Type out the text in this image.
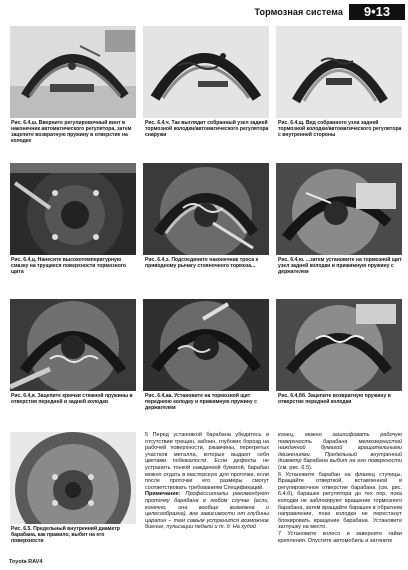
Тормозная система	9•13
Рис. 6.4,ш. Вверните регулировочный винт в наконечник автоматического регулятора, затем зацепите возвратную пружину в отверстие на колодке
Рис. 6.4,ч. Так выглядит собранный узел задней тормозной колодки/автоматического регулятора снаружи
Рис. 6.4,щ. Вид собранного узла задней тормозной колодки/автоматического регулятора с внутренней стороны
Рис. 6.4,ц. Нанесите высокотемпературную смазку на трущиеся поверхности тормозного щита
Рис. 6.4,э. Подсоедините наконечник троса к приводному рычагу стояночного тормоза...
Рис. 6.4,ю. ...затем установите на тормозной щит узел задней колодки и прижимную пружину с держателем
Рис. 6.4,я. Зацепите крючки стяжной пружины в отверстия передней и задней колодки
Рис. 6.4,аа. Установите на тормозной щит переднюю колодку и прижимную пружину с держателем
Рис. 6.4,бб. Зацепите возвратную пружину в отверстие передней колодки
Рис. 6.5. Предельный внутренний диаметр барабана, как правило, выбит на его поверхности

5 Перед установкой барабана убедитесь в отсутствии трещин, забоин, глубоких борозд на рабочей поверхности, ржавчины, перегретых участков металла, которые выдают себя цветами побежалости. Если дефекты не устранить тонкой наждачной бумагой, барабан можно отдать в мастерскую для проточки, если после проточки его размеры смогут соответствовать требованиям Спецификаций.

Примечание: Профессионалы рекомендуют проточку барабана в любом случае (если, конечно, она вообще возможна и целесообразна), вне зависимости от глубины царапин – тем самым устранится возможное биение, пульсации педали и т. д. На худой

конец, можно зашлифовать рабочую поверхность барабана мелкозернистой наждачной бумагой вращательными движениями. Предельный внутренний диаметр барабана выбит на его поверхности (см. рис. 6.5).

6 Установите барабан на фланец ступицы. Вращайте отверткой, вставленной в регулировочное отверстие барабана (см. рис. 6.4,б), барашек регулятора до тех пор, пока колодки не заблокируют вращение тормозного барабана, затем вращайте барашек в обратном направлении, пока колодки не перестанут блокировать вращение барабана. Установите заглушку на место.

7 Установите колесо и заверните гайки крепления. Опустите автомобиль и затяните

Toyota RAV4
